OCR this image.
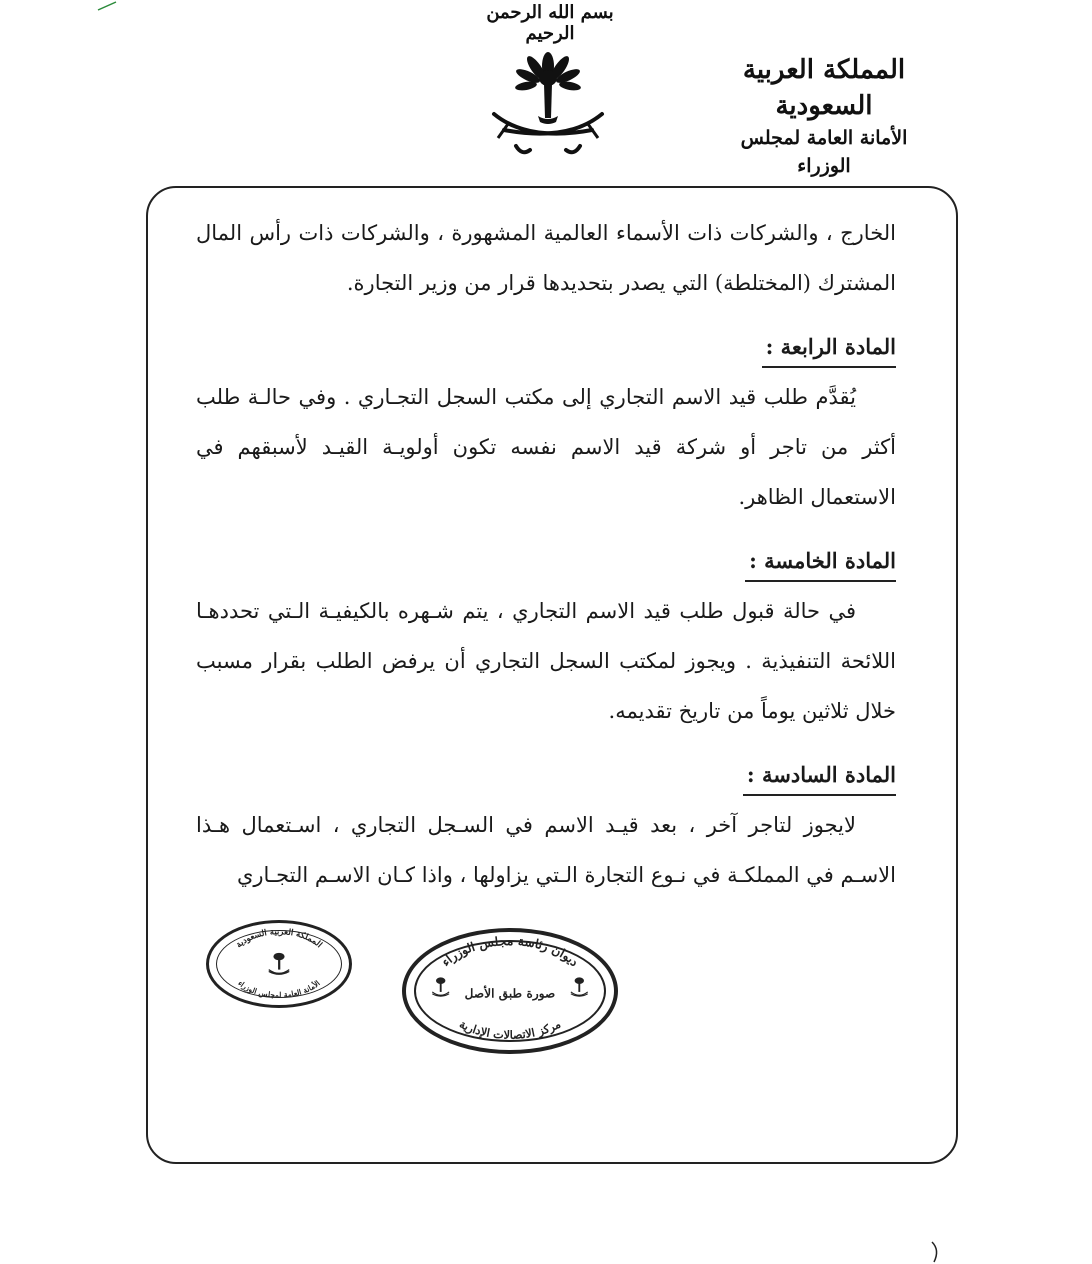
بسم الله الرحمن الرحيم
المملكة العربية السعودية
الأمانة العامة لمجلس الوزراء

الخارج ، والشركات ذات الأسماء العالمية المشهورة ، والشركات ذات رأس المال المشترك (المختلطة) التي يصدر بتحديدها قرار من وزير التجارة.

المادة الرابعة :

يُقدَّم طلب قيد الاسم التجاري إلى مكتب السجل التجـاري . وفي حالـة طلب أكثر من تاجر أو شركة قيد الاسم نفسه تكون أولويـة القيـد لأسبقهم في الاستعمال الظاهر.

المادة الخامسة :

في حالة قبول طلب قيد الاسم التجاري ، يتم شـهره بالكيفيـة الـتي تحددهـا اللائحة التنفيذية . ويجوز لمكتب السجل التجاري أن يرفض الطلب بقرار مسبب خلال ثلاثين يوماً من تاريخ تقديمه.

المادة السادسة :

لايجوز لتاجر آخر ، بعد قيـد الاسم في السـجل التجاري ، اسـتعمال هـذا الاسـم في المملكـة في نـوع التجارة الـتي يزاولها ، واذا كـان الاسـم التجـاري

المملكة العربية السعودية
الأمانة العامة لمجلس الوزراء
ديوان رئاسة مجلس الوزراء
مركز الاتصالات الإدارية
صورة طبق الأصل
